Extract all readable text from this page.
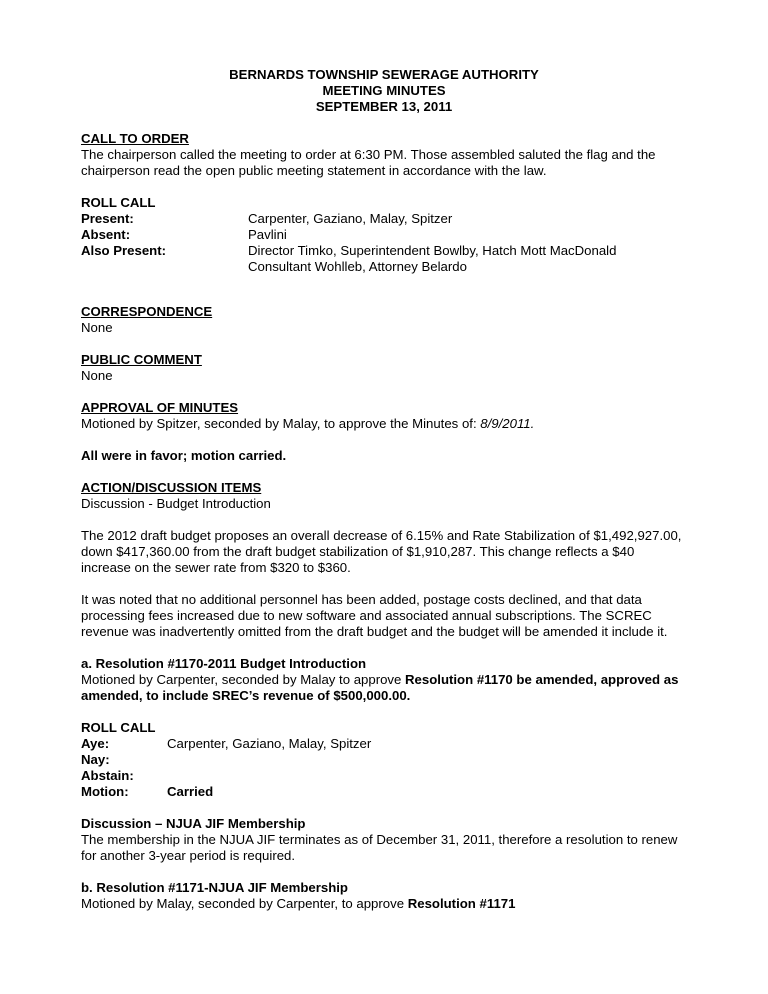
BERNARDS TOWNSHIP SEWERAGE AUTHORITY
MEETING MINUTES
SEPTEMBER 13, 2011
CALL TO ORDER
The chairperson called the meeting to order at 6:30 PM. Those assembled saluted the flag and the
chairperson read the open public meeting statement in accordance with the law.
ROLL CALL
Present:	Carpenter, Gaziano, Malay, Spitzer
Absent:	Pavlini
Also Present:	Director Timko, Superintendent Bowlby, Hatch Mott MacDonald
Consultant Wohlleb, Attorney Belardo
CORRESPONDENCE
None
PUBLIC COMMENT
None
APPROVAL OF MINUTES
Motioned by Spitzer, seconded by Malay, to approve the Minutes of: 8/9/2011.
All were in favor; motion carried.
ACTION/DISCUSSION ITEMS
Discussion - Budget Introduction
The 2012 draft budget proposes an overall decrease of 6.15% and Rate Stabilization of $1,492,927.00,
down $417,360.00 from the draft budget stabilization of $1,910,287. This change reflects a $40
increase on the sewer rate from $320 to $360.
It was noted that no additional personnel has been added, postage costs declined, and that data
processing fees increased due to new software and associated annual subscriptions. The SCREC
revenue was inadvertently omitted from the draft budget and the budget will be amended it include it.
a. Resolution #1170-2011 Budget Introduction
Motioned by Carpenter, seconded by Malay to approve Resolution #1170 be amended, approved as
amended, to include SREC’s revenue of $500,000.00.
ROLL CALL
Aye:	Carpenter, Gaziano, Malay, Spitzer
Nay:
Abstain:
Motion:	Carried
Discussion – NJUA JIF Membership
The membership in the NJUA JIF terminates as of December 31, 2011, therefore a resolution to renew
for another 3-year period is required.
b. Resolution #1171-NJUA JIF Membership
Motioned by Malay, seconded by Carpenter, to approve Resolution #1171
